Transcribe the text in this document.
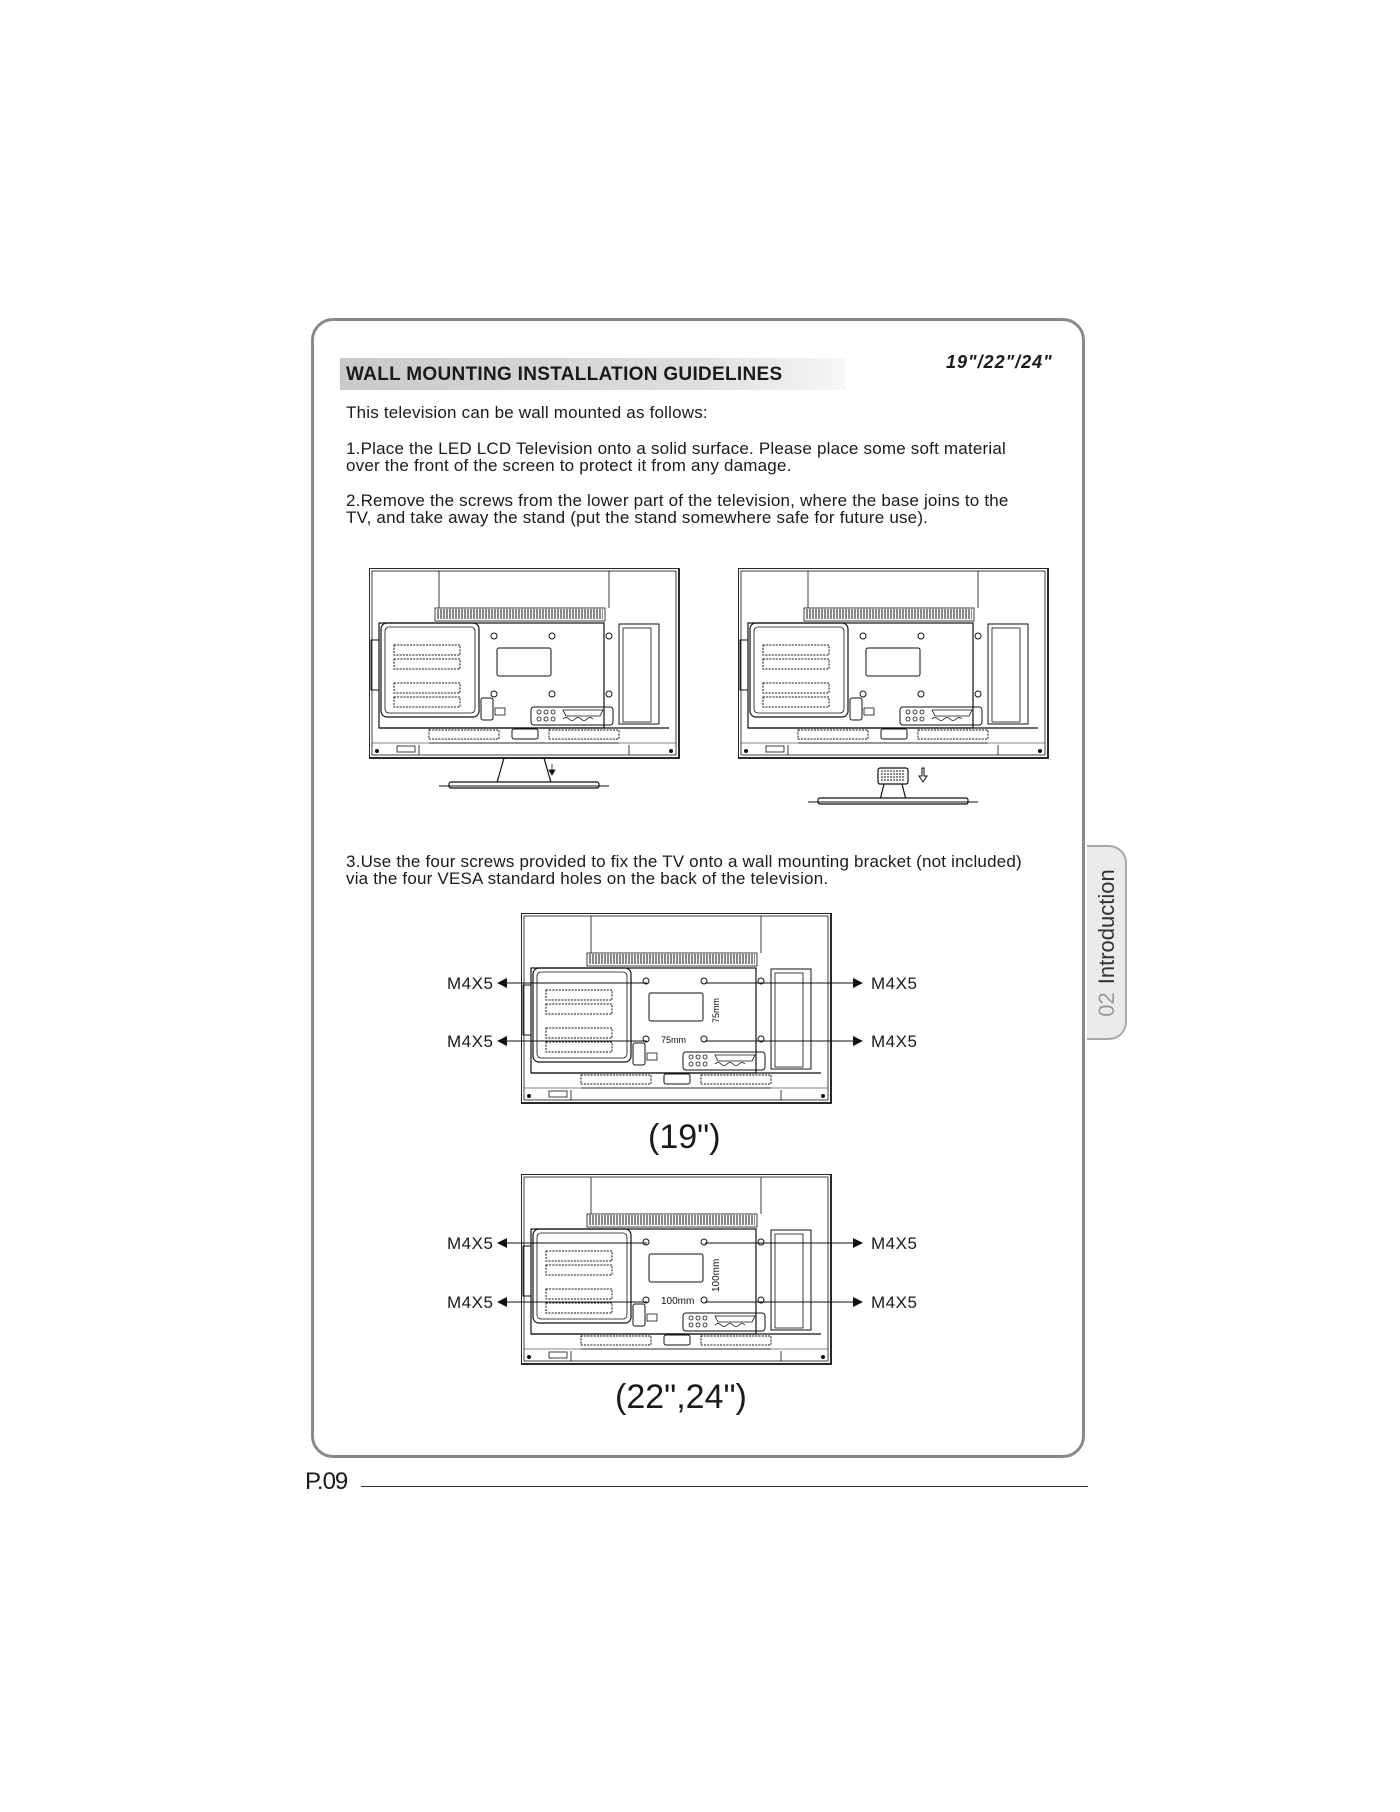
19"/22"/24"
WALL MOUNTING INSTALLATION GUIDELINES
This television can be wall mounted as follows:
1.Place the LED LCD Television onto a solid surface. Please place some soft material
over the front of the screen to protect it from any damage.
2.Remove the screws from the lower part of the television, where the base joins to the
TV, and take away the stand (put the stand somewhere safe for future use).
3.Use the four screws provided to fix the TV onto a wall mounting bracket (not included)
via the four VESA standard holes on the back of the television.
75mm
75mm
M4X5	M4X5
M4X5	M4X5
(19")
100mm
100mm
M4X5	M4X5
M4X5	M4X5
(22",24")
02Introduction
P.09
